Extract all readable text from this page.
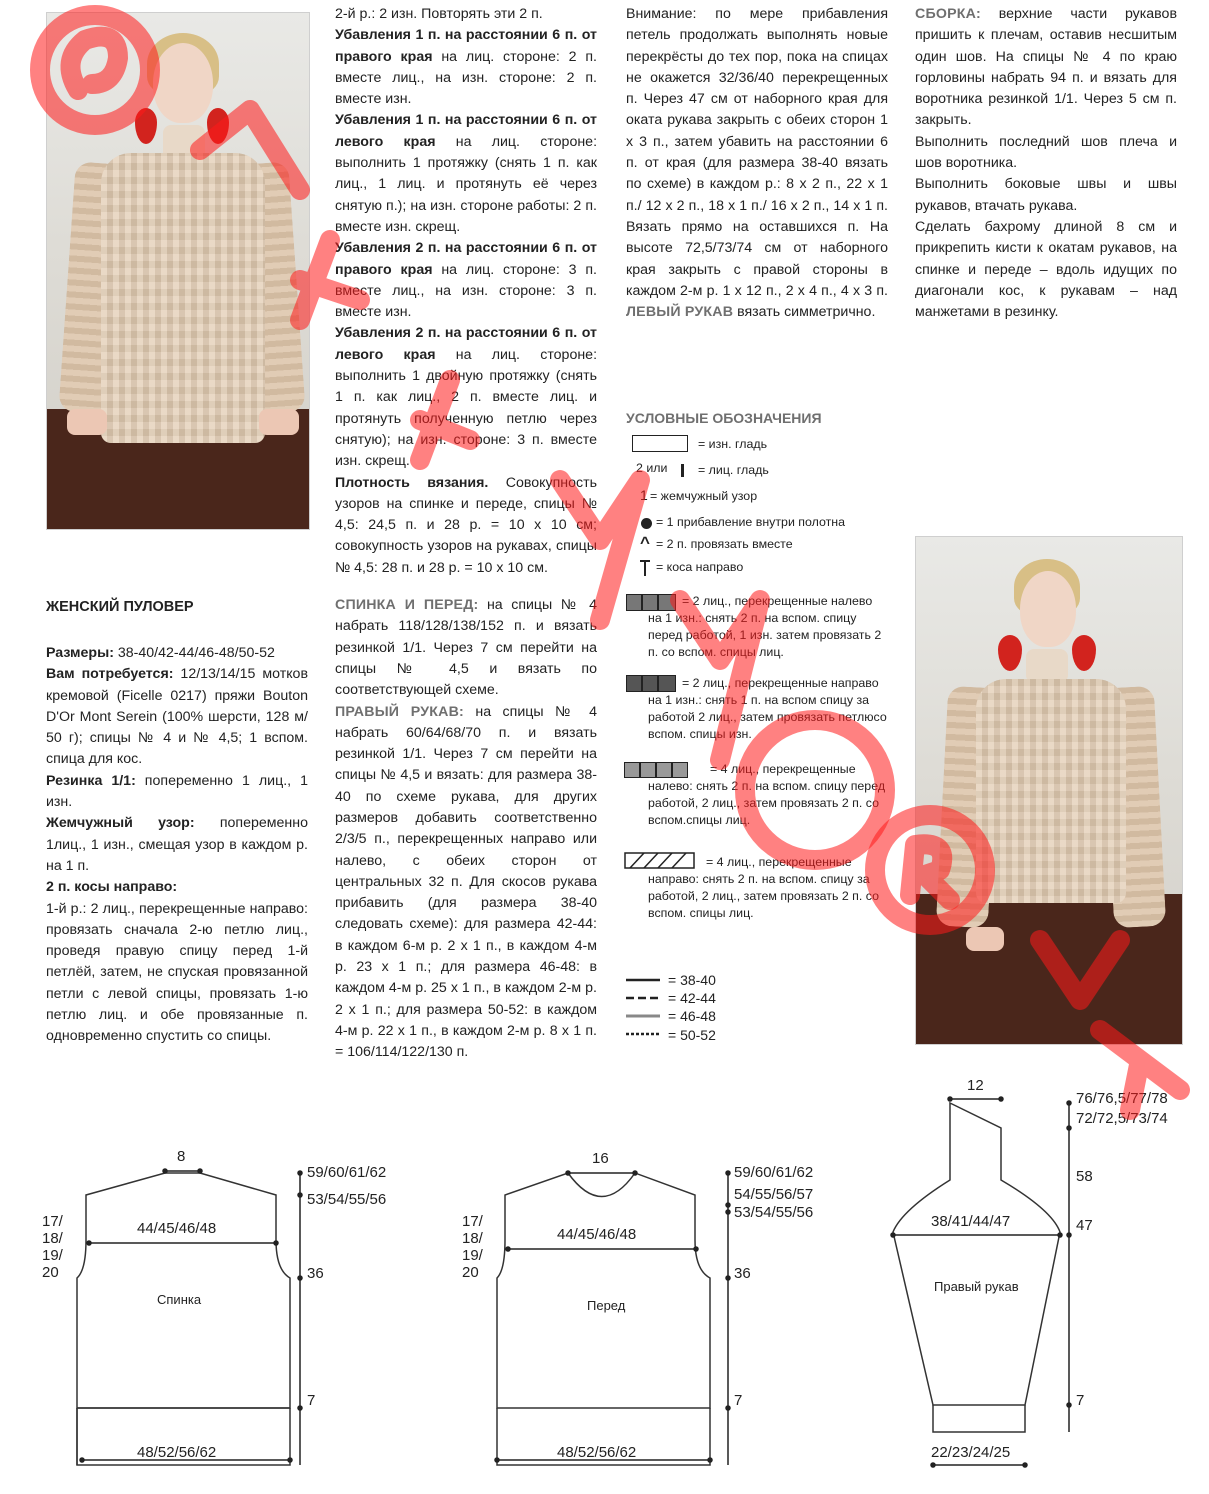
ЖЕНСКИЙ ПУЛОВЕР

Размеры: 38-40/42-44/46-48/50-52

Вам потребуется: 12/13/14/15 мотков кремовой (Ficelle 0217) пряжи Bouton D'Or Mont Serein (100% шерсти, 128 м/ 50 г); спицы № 4 и № 4,5; 1 вспом. спица для кос.

Резинка 1/1: попеременно 1 лиц., 1 изн.

Жемчужный узор: попеременно 1лиц., 1 изн., смещая узор в каждом р. на 1 п.

2 п. косы направо:

1-й р.: 2 лиц., перекрещенные направо: провязать сначала 2-ю петлю лиц., проведя правую спицу перед 1-й петлёй, затем, не спуская провязанной петли с левой спицы, провязать 1-ю петлю лиц. и обе провязанные п. одновременно спустить со спицы.

2-й р.: 2 изн. Повторять эти 2 п.

Убавления 1 п. на расстоянии 6 п. от правого края на лиц. стороне: 2 п. вместе лиц., на изн. стороне: 2 п. вместе изн.

Убавления 1 п. на расстоянии 6 п. от левого края на лиц. стороне: выполнить 1 протяжку (снять 1 п. как лиц., 1 лиц. и протянуть её через снятую п.); на изн. стороне работы: 2 п. вместе изн. скрещ.

Убавления 2 п. на расстоянии 6 п. от правого края на лиц. стороне: 3 п. вместе лиц., на изн. стороне: 3 п. вместе изн.

Убавления 2 п. на расстоянии 6 п. от левого края на лиц. стороне: выполнить 1 двойную протяжку (снять 1 п. как лиц., 2 п. вместе лиц. и протянуть полученную петлю через снятую); на изн. стороне: 3 п. вместе изн. скрещ.

Плотность вязания. Совокупность узоров на спинке и переде, спицы № 4,5: 24,5 п. и 28 р. = 10 х 10 см; совокупность узоров на рукавах, спицы № 4,5: 28 п. и 28 р. = 10 х 10 см.

СПИНКА И ПЕРЕД: на спицы № 4 набрать 118/128/138/152 п. и вязать резинкой 1/1. Через 7 см перейти на спицы № 4,5 и вязать по соответствующей схеме.

ПРАВЫЙ РУКАВ: на спицы № 4 набрать 60/64/68/70 п. и вязать резинкой 1/1. Через 7 см перейти на спицы № 4,5 и вязать: для размера 38-40 по схеме рукава, для других размеров добавить соответственно 2/3/5 п., перекрещенных направо или налево, с обеих сторон от центральных 32 п. Для скосов рукава прибавить (для размера 38-40 следовать схеме): для размера 42-44: в каждом 6-м р. 2 х 1 п., в каждом 4-м р. 23 х 1 п.; для размера 46-48: в каждом 4-м р. 25 х 1 п., в каждом 2-м р. 2 х 1 п.; для размера 50-52: в каждом 4-м р. 22 х 1 п., в каждом 2-м р. 8 х 1 п. = 106/114/122/130 п.

Внимание: по мере прибавления петель продолжать выполнять новые перекрёсты до тех пор, пока на спицах не окажется 32/36/40 перекрещенных п. Через 47 см от наборного края для оката рукава закрыть с обеих сторон 1 х 3 п., затем убавить на расстоянии 6 п. от края (для размера 38-40 вязать по схеме) в каждом р.: 8 х 2 п., 22 х 1 п./ 12 х 2 п., 18 х 1 п./ 16 х 2 п., 14 х 1 п. Вязать прямо на оставшихся п. На высоте 72,5/73/74 см от наборного края закрыть с правой стороны в каждом 2-м р. 1 х 12 п., 2 х 4 п., 4 х 3 п. ЛЕВЫЙ РУКАВ вязать симметрично.

СБОРКА: верхние части рукавов пришить к плечам, оставив несшитым один шов. На спицы № 4 по краю горловины набрать 94 п. и вязать для воротника резинкой 1/1. Через 5 см п. закрыть.

Выполнить последний шов плеча и шов воротника.

Выполнить боковые швы и швы рукавов, втачать рукава.

Сделать бахрому длиной 8 см и прикрепить кисти к окатам рукавов, на спинке и переде – вдоль идущих по диагонали кос, к рукавам – над манжетами в резинку.

УСЛОВНЫЕ ОБОЗНАЧЕНИЯ
= изн. гладь
2 или = лиц. гладь
1 = жемчужный узор
= 1 прибавление внутри полотна
^ = 2 п. провязать вместе
= коса направо
= 2 лиц., перекрещенные налево на 1 изн.: снять 2 п. на вспом. спицу перед работой, 1 изн. затем провязать 2 п. со вспом. спицы лиц.
= 2 лиц., перекрещенные направо на 1 изн.: снять 1 п. на вспом спицу за работой 2 лиц., затем провязать петлюсо вспом. спицы изн.
= 4 лиц., перекрещенные налево: снять 2 п. на вспом. спицу перед работой, 2 лиц., затем провязать 2 п. со вспом.спицы лиц.
= 4 лиц., перекрещенные направо: снять 2 п. на вспом. спицу за работой, 2 лиц., затем провязать 2 п. со вспом. спицы лиц.
= 38-40
= 42-44
= 46-48
= 50-52
8
59/60/61/62
53/54/55/56
44/45/46/48
17/
18/
19/
20	36
Спинка
7
48/52/56/62
16
59/60/61/62
54/55/56/57
53/54/55/56
44/45/46/48
17/
18/
19/
20	36
Перед
7
48/52/56/62
12
76/76,5/77/78
72/72,5/73/74
58
38/41/44/47	47
Правый рукав
7
22/23/24/25
